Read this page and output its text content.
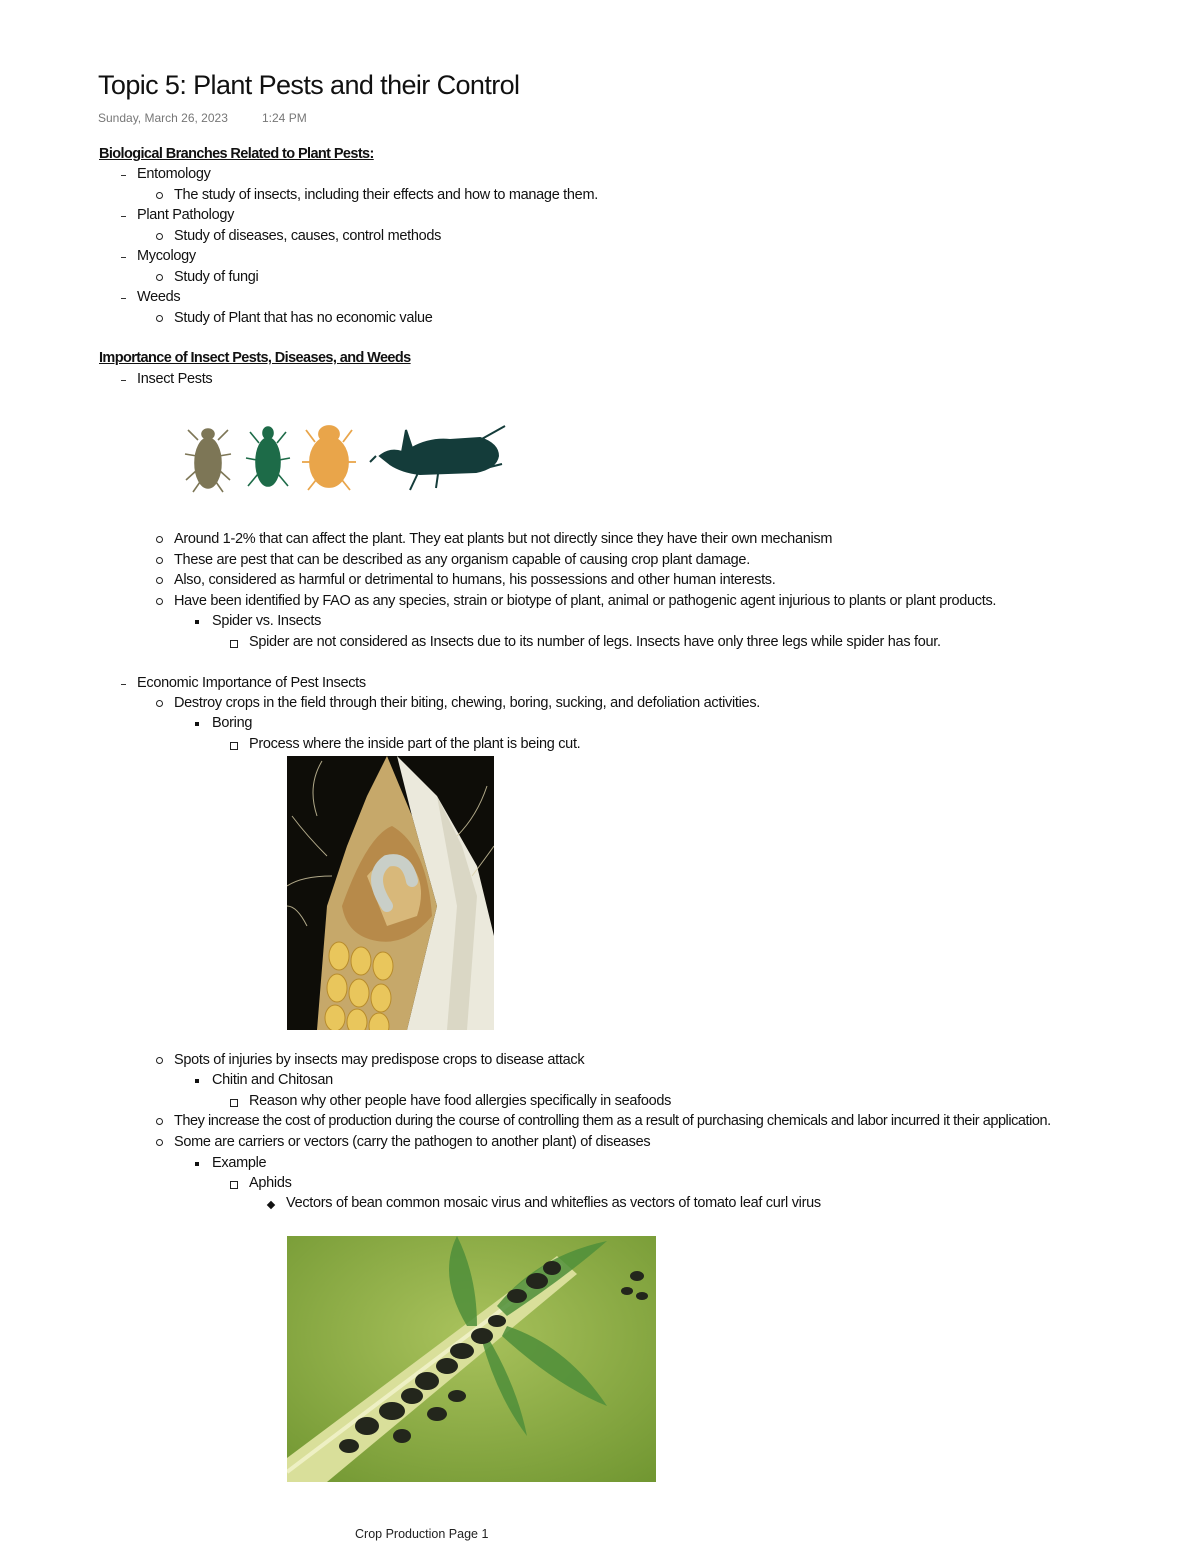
Topic 5: Plant Pests and their Control
Sunday, March 26, 2023	1:24 PM
Biological Branches Related to Plant Pests:
Entomology
The study of insects, including their effects and how to manage them.
Plant Pathology
Study of diseases, causes, control methods
Mycology
Study of fungi
Weeds
Study of Plant that has no economic value
Importance of Insect Pests, Diseases, and Weeds
Insect Pests
Around 1-2% that can affect the plant. They eat plants but not directly since they have their own mechanism
These are pest that can be described as any organism capable of causing crop plant damage.
Also, considered as harmful or detrimental to humans, his possessions and other human interests.
Have been identified by FAO as any species, strain or biotype of plant, animal or pathogenic agent injurious to plants or plant products.
Spider vs. Insects
Spider are not considered as Insects due to its number of legs. Insects have only three legs while spider has four.
Economic Importance of Pest Insects
Destroy crops in the field through their biting, chewing, boring, sucking, and defoliation activities.
Boring
Process where the inside part of the plant is being cut.
Spots of injuries by insects may predispose crops to disease attack
Chitin and Chitosan
Reason why other people have food allergies specifically in seafoods
They increase the cost of production during the course of controlling them as a result of purchasing chemicals and labor incurred it their application.
Some are carriers or vectors (carry the pathogen to another plant) of diseases
Example
Aphids
Vectors of bean common mosaic virus and whiteflies as vectors of tomato leaf curl virus
Crop Production Page 1
